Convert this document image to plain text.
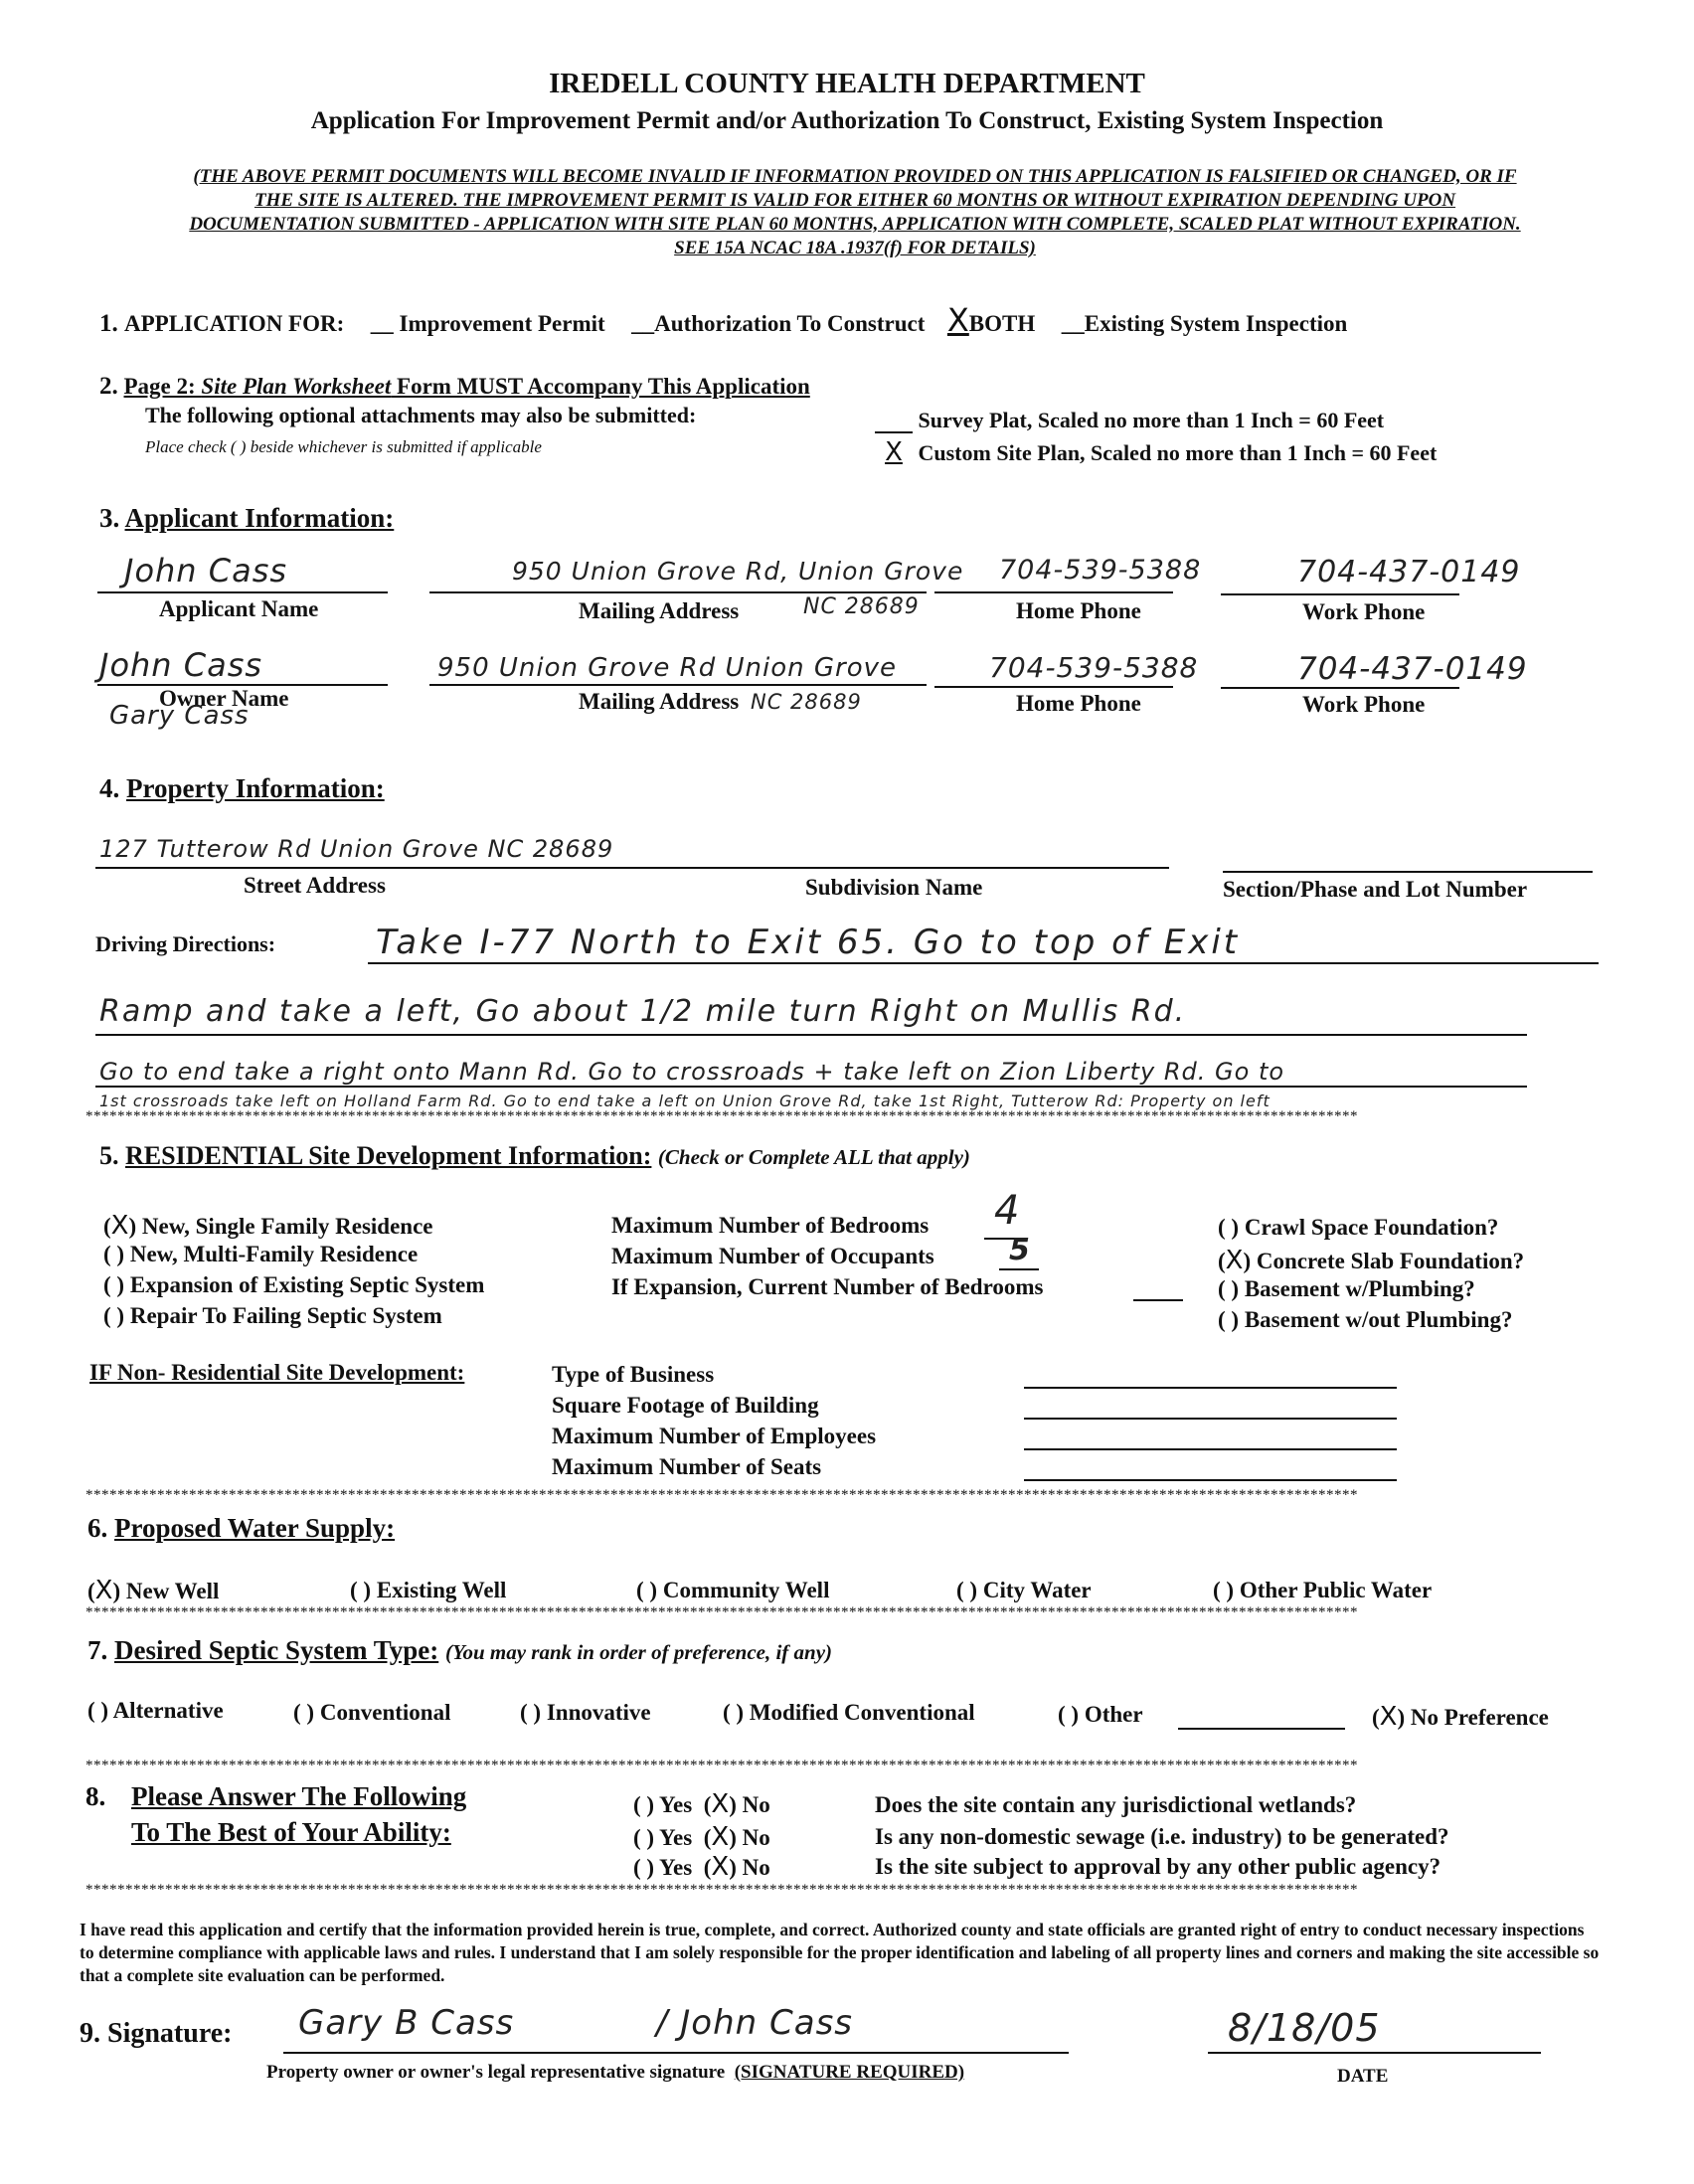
IREDELL COUNTY HEALTH DEPARTMENT
Application For Improvement Permit and/or Authorization To Construct, Existing System Inspection
(THE ABOVE PERMIT DOCUMENTS WILL BECOME INVALID IF INFORMATION PROVIDED ON THIS APPLICATION IS FALSIFIED OR CHANGED, OR IF
THE SITE IS ALTERED. THE IMPROVEMENT PERMIT IS VALID FOR EITHER 60 MONTHS OR WITHOUT EXPIRATION DEPENDING UPON
DOCUMENTATION SUBMITTED - APPLICATION WITH SITE PLAN 60 MONTHS, APPLICATION WITH COMPLETE, SCALED PLAT WITHOUT EXPIRATION.
SEE 15A NCAC 18A .1937(f) FOR DETAILS)
1. APPLICATION FOR: __ Improvement Permit __Authorization To Construct XBOTH __Existing System Inspection
2. Page 2: Site Plan Worksheet Form MUST Accompany This Application
The following optional attachments may also be submitted:
Place check ( ) beside whichever is submitted if applicable
Survey Plat, Scaled no more than 1 Inch = 60 Feet
X Custom Site Plan, Scaled no more than 1 Inch = 60 Feet
3. Applicant Information:
John Cass
Applicant Name
950 Union Grove Rd, Union Grove
Mailing Address	NC 28689
704-539-5388
Home Phone
704-437-0149
Work Phone
John Cass
Owner Name
Gary Cass
950 Union Grove Rd Union Grove
Mailing Address NC 28689
704-539-5388
Home Phone
704-437-0149
Work Phone
4. Property Information:
127 Tutterow Rd Union Grove NC 28689
Street Address	Subdivision Name	Section/Phase and Lot Number
Driving Directions:	Take I-77 North to Exit 65. Go to top of Exit
Ramp and take a left, Go about 1/2 mile turn Right on Mullis Rd.
Go to end take a right onto Mann Rd. Go to crossroads + take left on Zion Liberty Rd. Go to
1st crossroads take left on Holland Farm Rd. Go to end take a left on Union Grove Rd, take 1st Right, Tutterow Rd: Property on left
****************************************************************************************************************************************************************
5. RESIDENTIAL Site Development Information: (Check or Complete ALL that apply)
(X) New, Single Family Residence
( ) New, Multi-Family Residence
( ) Expansion of Existing Septic System
( ) Repair To Failing Septic System
Maximum Number of Bedrooms 4
Maximum Number of Occupants	5
If Expansion, Current Number of Bedrooms
( ) Crawl Space Foundation?
(X) Concrete Slab Foundation?
( ) Basement w/Plumbing?
( ) Basement w/out Plumbing?
IF Non- Residential Site Development:	Type of Business
Square Footage of Building
Maximum Number of Employees
Maximum Number of Seats
****************************************************************************************************************************************************************
6. Proposed Water Supply:
(X) New Well	( ) Existing Well	( ) Community Well	( ) City Water	( ) Other Public Water
****************************************************************************************************************************************************************
7. Desired Septic System Type: (You may rank in order of preference, if any)
( ) Alternative	( ) Conventional	( ) Innovative	( ) Modified Conventional	( ) Other	(X) No Preference
****************************************************************************************************************************************************************
8. Please Answer The Following
To The Best of Your Ability:
( ) Yes  (X) No	Does the site contain any jurisdictional wetlands?
( ) Yes  (X) No	Is any non-domestic sewage (i.e. industry) to be generated?
( ) Yes  (X) No	Is the site subject to approval by any other public agency?
****************************************************************************************************************************************************************
I have read this application and certify that the information provided herein is true, complete, and correct. Authorized county and state officials are granted right of entry to conduct necessary inspections to determine compliance with applicable laws and rules. I understand that I am solely responsible for the proper identification and labeling of all property lines and corners and making the site accessible so that a complete site evaluation can be performed.
9. Signature: Gary B Cass	/ John Cass
Property owner or owner's legal representative signature (SIGNATURE REQUIRED)
8/18/05
DATE
